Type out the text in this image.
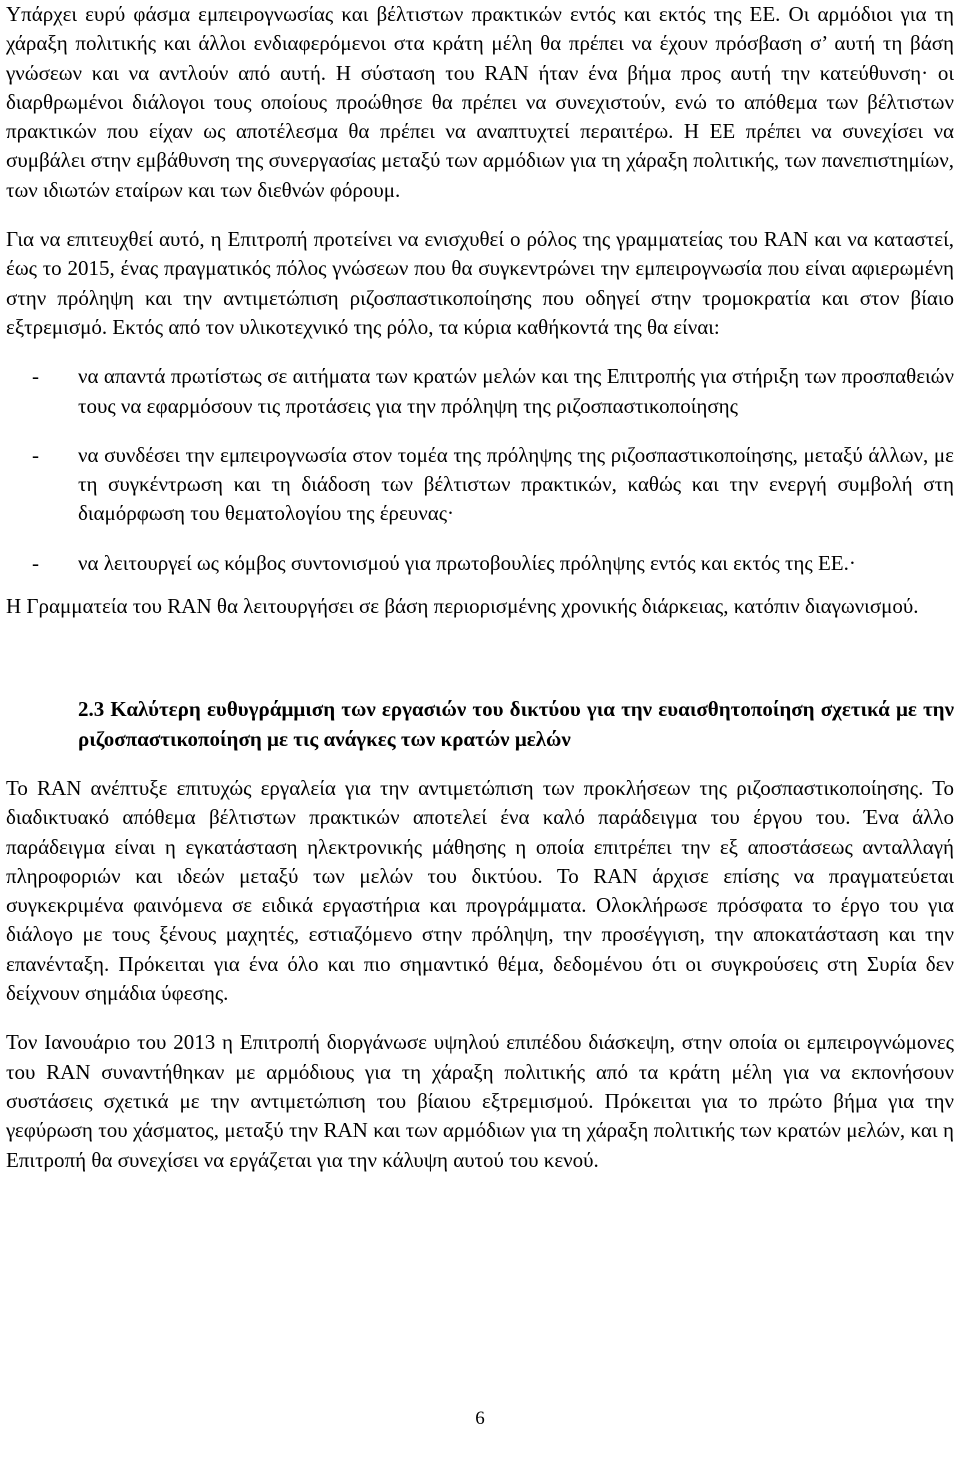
Υπάρχει ευρύ φάσμα εμπειρογνωσίας και βέλτιστων πρακτικών εντός και εκτός της ΕΕ. Οι αρμόδιοι για τη χάραξη πολιτικής και άλλοι ενδιαφερόμενοι στα κράτη μέλη θα πρέπει να έχουν πρόσβαση σ’ αυτή τη βάση γνώσεων και να αντλούν από αυτή. Η σύσταση του RAN ήταν ένα βήμα προς αυτή την κατεύθυνση· οι διαρθρωμένοι διάλογοι τους οποίους προώθησε θα πρέπει να συνεχιστούν, ενώ το απόθεμα των βέλτιστων πρακτικών που είχαν ως αποτέλεσμα θα πρέπει να αναπτυχτεί περαιτέρω. Η ΕΕ πρέπει να συνεχίσει να συμβάλει στην εμβάθυνση της συνεργασίας μεταξύ των αρμόδιων για τη χάραξη πολιτικής, των πανεπιστημίων, των ιδιωτών εταίρων και των διεθνών φόρουμ.

Για να επιτευχθεί αυτό, η Επιτροπή προτείνει να ενισχυθεί ο ρόλος της γραμματείας του RAN και να καταστεί, έως το 2015, ένας πραγματικός πόλος γνώσεων που θα συγκεντρώνει την εμπειρογνωσία που είναι αφιερωμένη στην πρόληψη και την αντιμετώπιση ριζοσπαστικοποίησης που οδηγεί στην τρομοκρατία και στον βίαιο εξτρεμισμό. Εκτός από τον υλικοτεχνικό της ρόλο, τα κύρια καθήκοντά της θα είναι:

- να απαντά πρωτίστως σε αιτήματα των κρατών μελών και της Επιτροπής για στήριξη των προσπαθειών τους να εφαρμόσουν τις προτάσεις για την πρόληψη της ριζοσπαστικοποίησης
- να συνδέσει την εμπειρογνωσία στον τομέα της πρόληψης της ριζοσπαστικοποίησης, μεταξύ άλλων, με τη συγκέντρωση και τη διάδοση των βέλτιστων πρακτικών, καθώς και την ενεργή συμβολή στη διαμόρφωση του θεματολογίου της έρευνας·
- να λειτουργεί ως κόμβος συντονισμού για πρωτοβουλίες πρόληψης εντός και εκτός της ΕΕ.·

Η Γραμματεία του RAN θα λειτουργήσει σε βάση περιορισμένης χρονικής διάρκειας, κατόπιν διαγωνισμού.

2.3 Καλύτερη ευθυγράμμιση των εργασιών του δικτύου για την ευαισθητοποίηση σχετικά με την ριζοσπαστικοποίηση με τις ανάγκες των κρατών μελών

Το RAN ανέπτυξε επιτυχώς εργαλεία για την αντιμετώπιση των προκλήσεων της ριζοσπαστικοποίησης. Το διαδικτυακό απόθεμα βέλτιστων πρακτικών αποτελεί ένα καλό παράδειγμα του έργου του. Ένα άλλο παράδειγμα είναι η εγκατάσταση ηλεκτρονικής μάθησης η οποία επιτρέπει την εξ αποστάσεως ανταλλαγή πληροφοριών και ιδεών μεταξύ των μελών του δικτύου. Το RAN άρχισε επίσης να πραγματεύεται συγκεκριμένα φαινόμενα σε ειδικά εργαστήρια και προγράμματα. Ολοκλήρωσε πρόσφατα το έργο του για διάλογο με τους ξένους μαχητές, εστιαζόμενο στην πρόληψη, την προσέγγιση, την αποκατάσταση και την επανένταξη. Πρόκειται για ένα όλο και πιο σημαντικό θέμα, δεδομένου ότι οι συγκρούσεις στη Συρία δεν δείχνουν σημάδια ύφεσης.

Τον Ιανουάριο του 2013 η Επιτροπή διοργάνωσε υψηλού επιπέδου διάσκεψη, στην οποία οι εμπειρογνώμονες του RAN συναντήθηκαν με αρμόδιους για τη χάραξη πολιτικής από τα κράτη μέλη για να εκπονήσουν συστάσεις σχετικά με την αντιμετώπιση του βίαιου εξτρεμισμού. Πρόκειται για το πρώτο βήμα για την γεφύρωση του χάσματος, μεταξύ την RAN και των αρμόδιων για τη χάραξη πολιτικής των κρατών μελών, και η Επιτροπή θα συνεχίσει να εργάζεται για την κάλυψη αυτού του κενού.

6
